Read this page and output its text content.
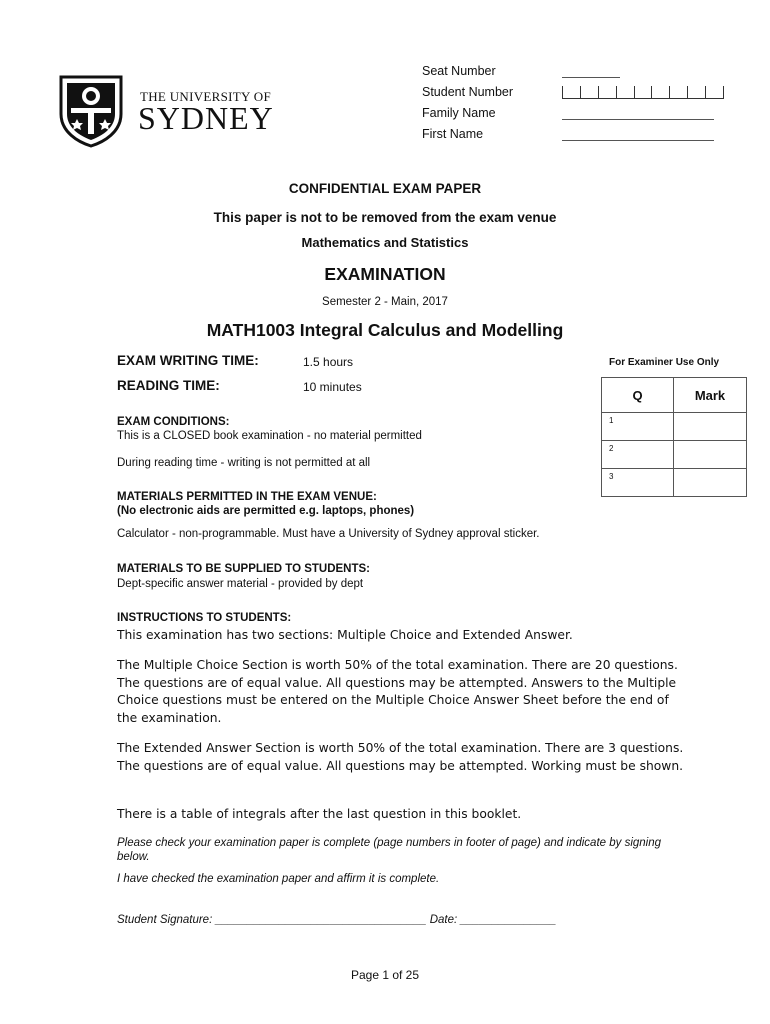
THE UNIVERSITY OF
SYDNEY
Seat Number
Student Number
Family Name
First Name
CONFIDENTIAL EXAM PAPER
This paper is not to be removed from the exam venue
Mathematics and Statistics
EXAMINATION
Semester 2 - Main, 2017
MATH1003 Integral Calculus and Modelling
EXAM WRITING TIME:	1.5 hours
READING TIME:	10 minutes
For Examiner Use Only
Q	Mark
1	
2	
3	
EXAM CONDITIONS:
This is a CLOSED book examination - no material permitted
During reading time - writing is not permitted at all
MATERIALS PERMITTED IN THE EXAM VENUE:
(No electronic aids are permitted e.g. laptops, phones)
Calculator - non-programmable. Must have a University of Sydney approval sticker.
MATERIALS TO BE SUPPLIED TO STUDENTS:
Dept-specific answer material - provided by dept
INSTRUCTIONS TO STUDENTS:
This examination has two sections: Multiple Choice and Extended Answer.
The Multiple Choice Section is worth 50% of the total examination. There are 20 questions. The questions are of equal value. All questions may be attempted. Answers to the Multiple Choice questions must be entered on the Multiple Choice Answer Sheet before the end of the examination.
The Extended Answer Section is worth 50% of the total examination. There are 3 questions. The questions are of equal value. All questions may be attempted. Working must be shown.
There is a table of integrals after the last question in this booklet.
Please check your examination paper is complete (page numbers in footer of page) and indicate by signing below.
I have checked the examination paper and affirm it is complete.
Student Signature: _________________________________ Date: _______________
Page 1 of 25
